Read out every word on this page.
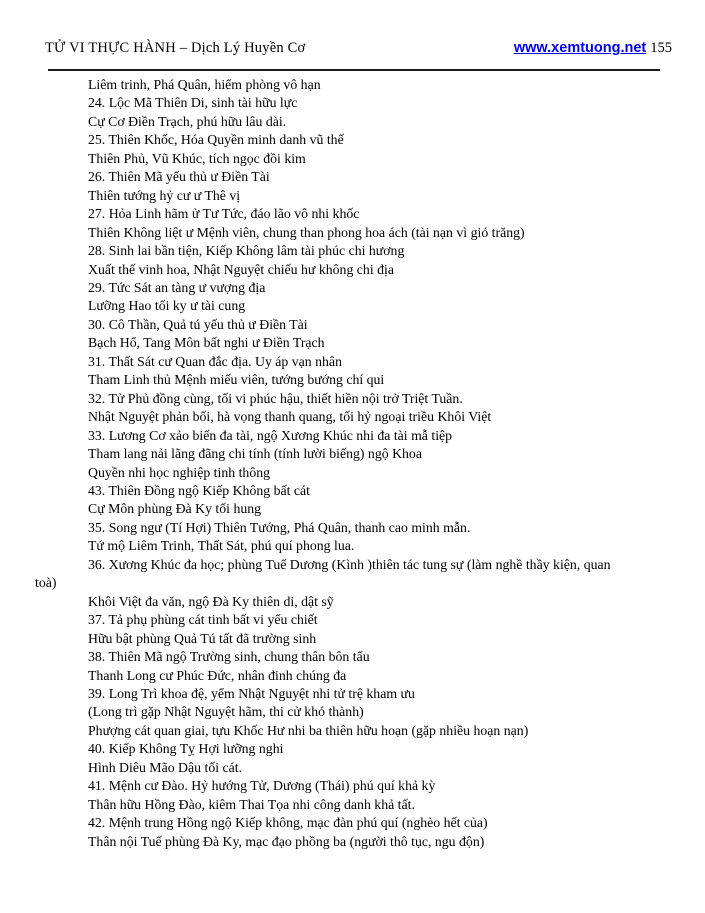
TỬ VI THỰC HÀNH – Dịch Lý Huyền Cơ	www.xemtuong.net 155
Liêm trinh, Phá Quân, hiểm phòng vô hạn
24. Lộc Mã Thiên Di, sinh tài hữu lực
Cự Cơ Điền Trạch, phú hữu lâu dài.
25. Thiên Khốc, Hóa Quyền minh danh vũ thế
Thiên Phủ, Vũ Khúc, tích ngọc đồi kim
26. Thiên Mã yếu thủ ư Điền Tài
Thiên tướng hỷ cư ư Thê vị
27. Hỏa Linh hãm ử Tư Tức, đáo lão vô nhi khốc
Thiên Không liệt ư Mệnh viên, chung than phong hoa ách (tài nạn vì gió trăng)
28. Sinh lai bần tiện, Kiếp Không lâm tài phúc chi hương
Xuất thế vinh hoa, Nhật Nguyệt chiếu hư không chi địa
29. Tức Sát an tàng ư vượng địa
Lưỡng Hao tối ky ư tài cung
30. Cô Thần, Quả tú yếu thủ ư Điền Tài
Bạch Hổ, Tang Môn bất nghi ư Điền Trạch
31. Thất Sát cư Quan đắc địa. Uy áp vạn nhân
Tham Linh thủ Mệnh miếu viên, tướng bướng chí qui
32. Tử Phủ đồng cùng, tối vi phúc hậu, thiết hiền nội trở Triệt Tuần.
Nhật Nguyệt phản bối, hà vọng thanh quang, tối hỷ ngoại triều Khôi Việt
33. Lương Cơ xảo biến đa tài, ngộ Xương Khúc nhi đa tài mẫ tiệp
Tham lang nải lãng đãng chi tính (tính lười biếng) ngộ Khoa
Quyền nhi học nghiệp tinh thông
43. Thiên Đồng ngộ Kiếp Không bất cát
Cự Môn phùng Đà Ky tối hung
35. Song ngư (Tí Hợi) Thiên Tướng, Phá Quân, thanh cao minh mẫn.
Tứ mộ Liêm Trinh, Thất Sát, phú quí phong lua.
36. Xương Khúc đa học; phùng Tuế Dương (Kình )thiên tác tung sự (làm nghề thầy kiện, quan
toà)
Khôi Việt đa văn, ngộ Đà Ky thiên di, dật sỹ
37. Tả phụ phùng cát tinh bất vi yểu chiết
Hữu bật phùng Quả Tú tất đã trường sinh
38. Thiên Mã ngộ Trường sinh, chung thân bôn tẩu
Thanh Long cư Phúc Đức, nhân đinh chúng đa
39. Long Trì khoa đệ, yểm Nhật Nguyệt nhi tử trệ kham ưu
(Long trì gặp Nhật Nguyệt hãm, thi cử khó thành)
Phượng cát quan giai, tựu Khốc Hư nhi ba thiên hữu hoạn (gặp nhiều hoạn nạn)
40. Kiếp Không Tỵ Hợi lưỡng nghi
Hình Diêu Mão Dậu tối cát.
41. Mệnh cư Đào. Hỷ hướng Tử, Dương (Thái) phú quí khả kỳ
Thân hữu Hồng Đào, kiêm Thai Tọa nhi công danh khả tất.
42. Mệnh trung Hồng ngộ Kiếp không, mạc đàn phú quí (nghèo hết của)
Thân nội Tuế phùng Đà Ky, mạc đạo phồng ba (người thô tục, ngu độn)
